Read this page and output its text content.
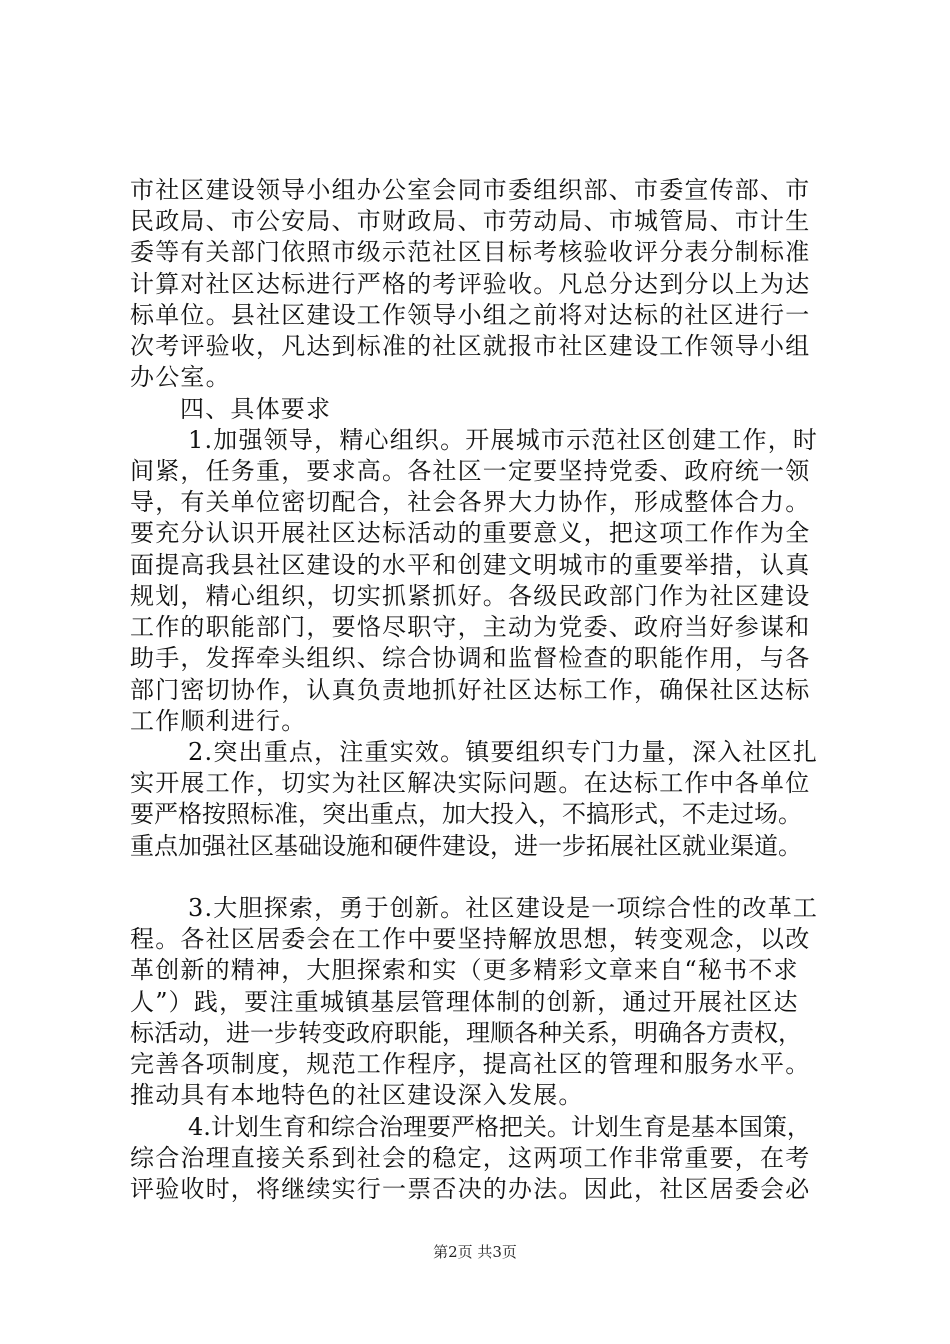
市社区建设领导小组办公室会同市委组织部、市委宣传部、市
民政局、市公安局、市财政局、市劳动局、市城管局、市计生
委等有关部门依照市级示范社区目标考核验收评分表分制标准
计算对社区达标进行严格的考评验收。凡总分达到分以上为达
标单位。县社区建设工作领导小组之前将对达标的社区进行一
次考评验收，凡达到标准的社区就报市社区建设工作领导小组
办公室。
四、具体要求
1.加强领导，精心组织。开展城市示范社区创建工作，时
间紧，任务重，要求高。各社区一定要坚持党委、政府统一领
导，有关单位密切配合，社会各界大力协作，形成整体合力。
要充分认识开展社区达标活动的重要意义，把这项工作作为全
面提高我县社区建设的水平和创建文明城市的重要举措，认真
规划，精心组织，切实抓紧抓好。各级民政部门作为社区建设
工作的职能部门，要恪尽职守，主动为党委、政府当好参谋和
助手，发挥牵头组织、综合协调和监督检查的职能作用，与各
部门密切协作，认真负责地抓好社区达标工作，确保社区达标
工作顺利进行。
2.突出重点，注重实效。镇要组织专门力量，深入社区扎
实开展工作，切实为社区解决实际问题。在达标工作中各单位
要严格按照标准，突出重点，加大投入，不搞形式，不走过场。
重点加强社区基础设施和硬件建设，进一步拓展社区就业渠道。
3.大胆探索，勇于创新。社区建设是一项综合性的改革工
程。各社区居委会在工作中要坚持解放思想，转变观念，以改
革创新的精神，大胆探索和实（更多精彩文章来自“秘书不求
人”）践，要注重城镇基层管理体制的创新，通过开展社区达
标活动，进一步转变政府职能，理顺各种关系，明确各方责权，
完善各项制度，规范工作程序，提高社区的管理和服务水平。
推动具有本地特色的社区建设深入发展。
4.计划生育和综合治理要严格把关。计划生育是基本国策，
综合治理直接关系到社会的稳定，这两项工作非常重要，在考
评验收时，将继续实行一票否决的办法。因此，社区居委会必
第2页 共3页
